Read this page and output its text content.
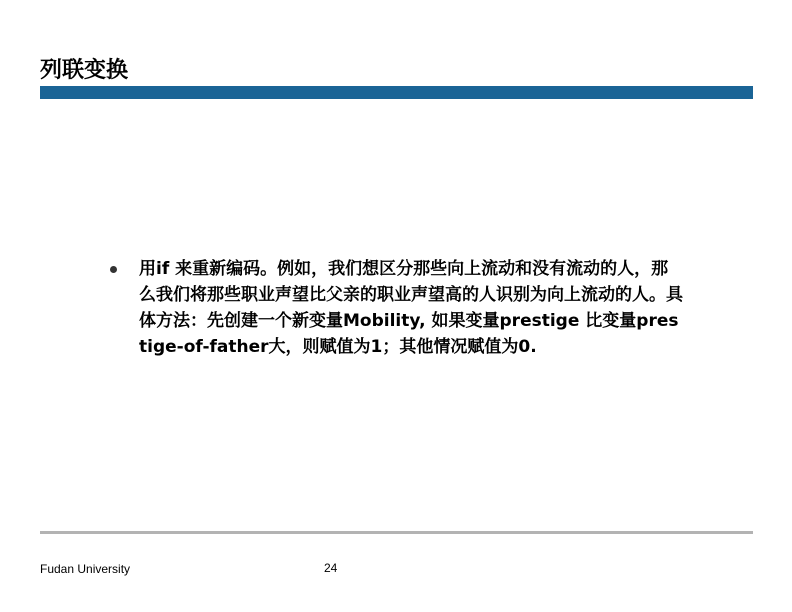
列联变换
用if 来重新编码。例如，我们想区分那些向上流动和没有流动的人，那么我们将那些职业声望比父亲的职业声望高的人识别为向上流动的人。具体方法：先创建一个新变量Mobility, 如果变量prestige 比变量prestige-of-father大，则赋值为1；其他情况赋值为0.
Fudan University	24
